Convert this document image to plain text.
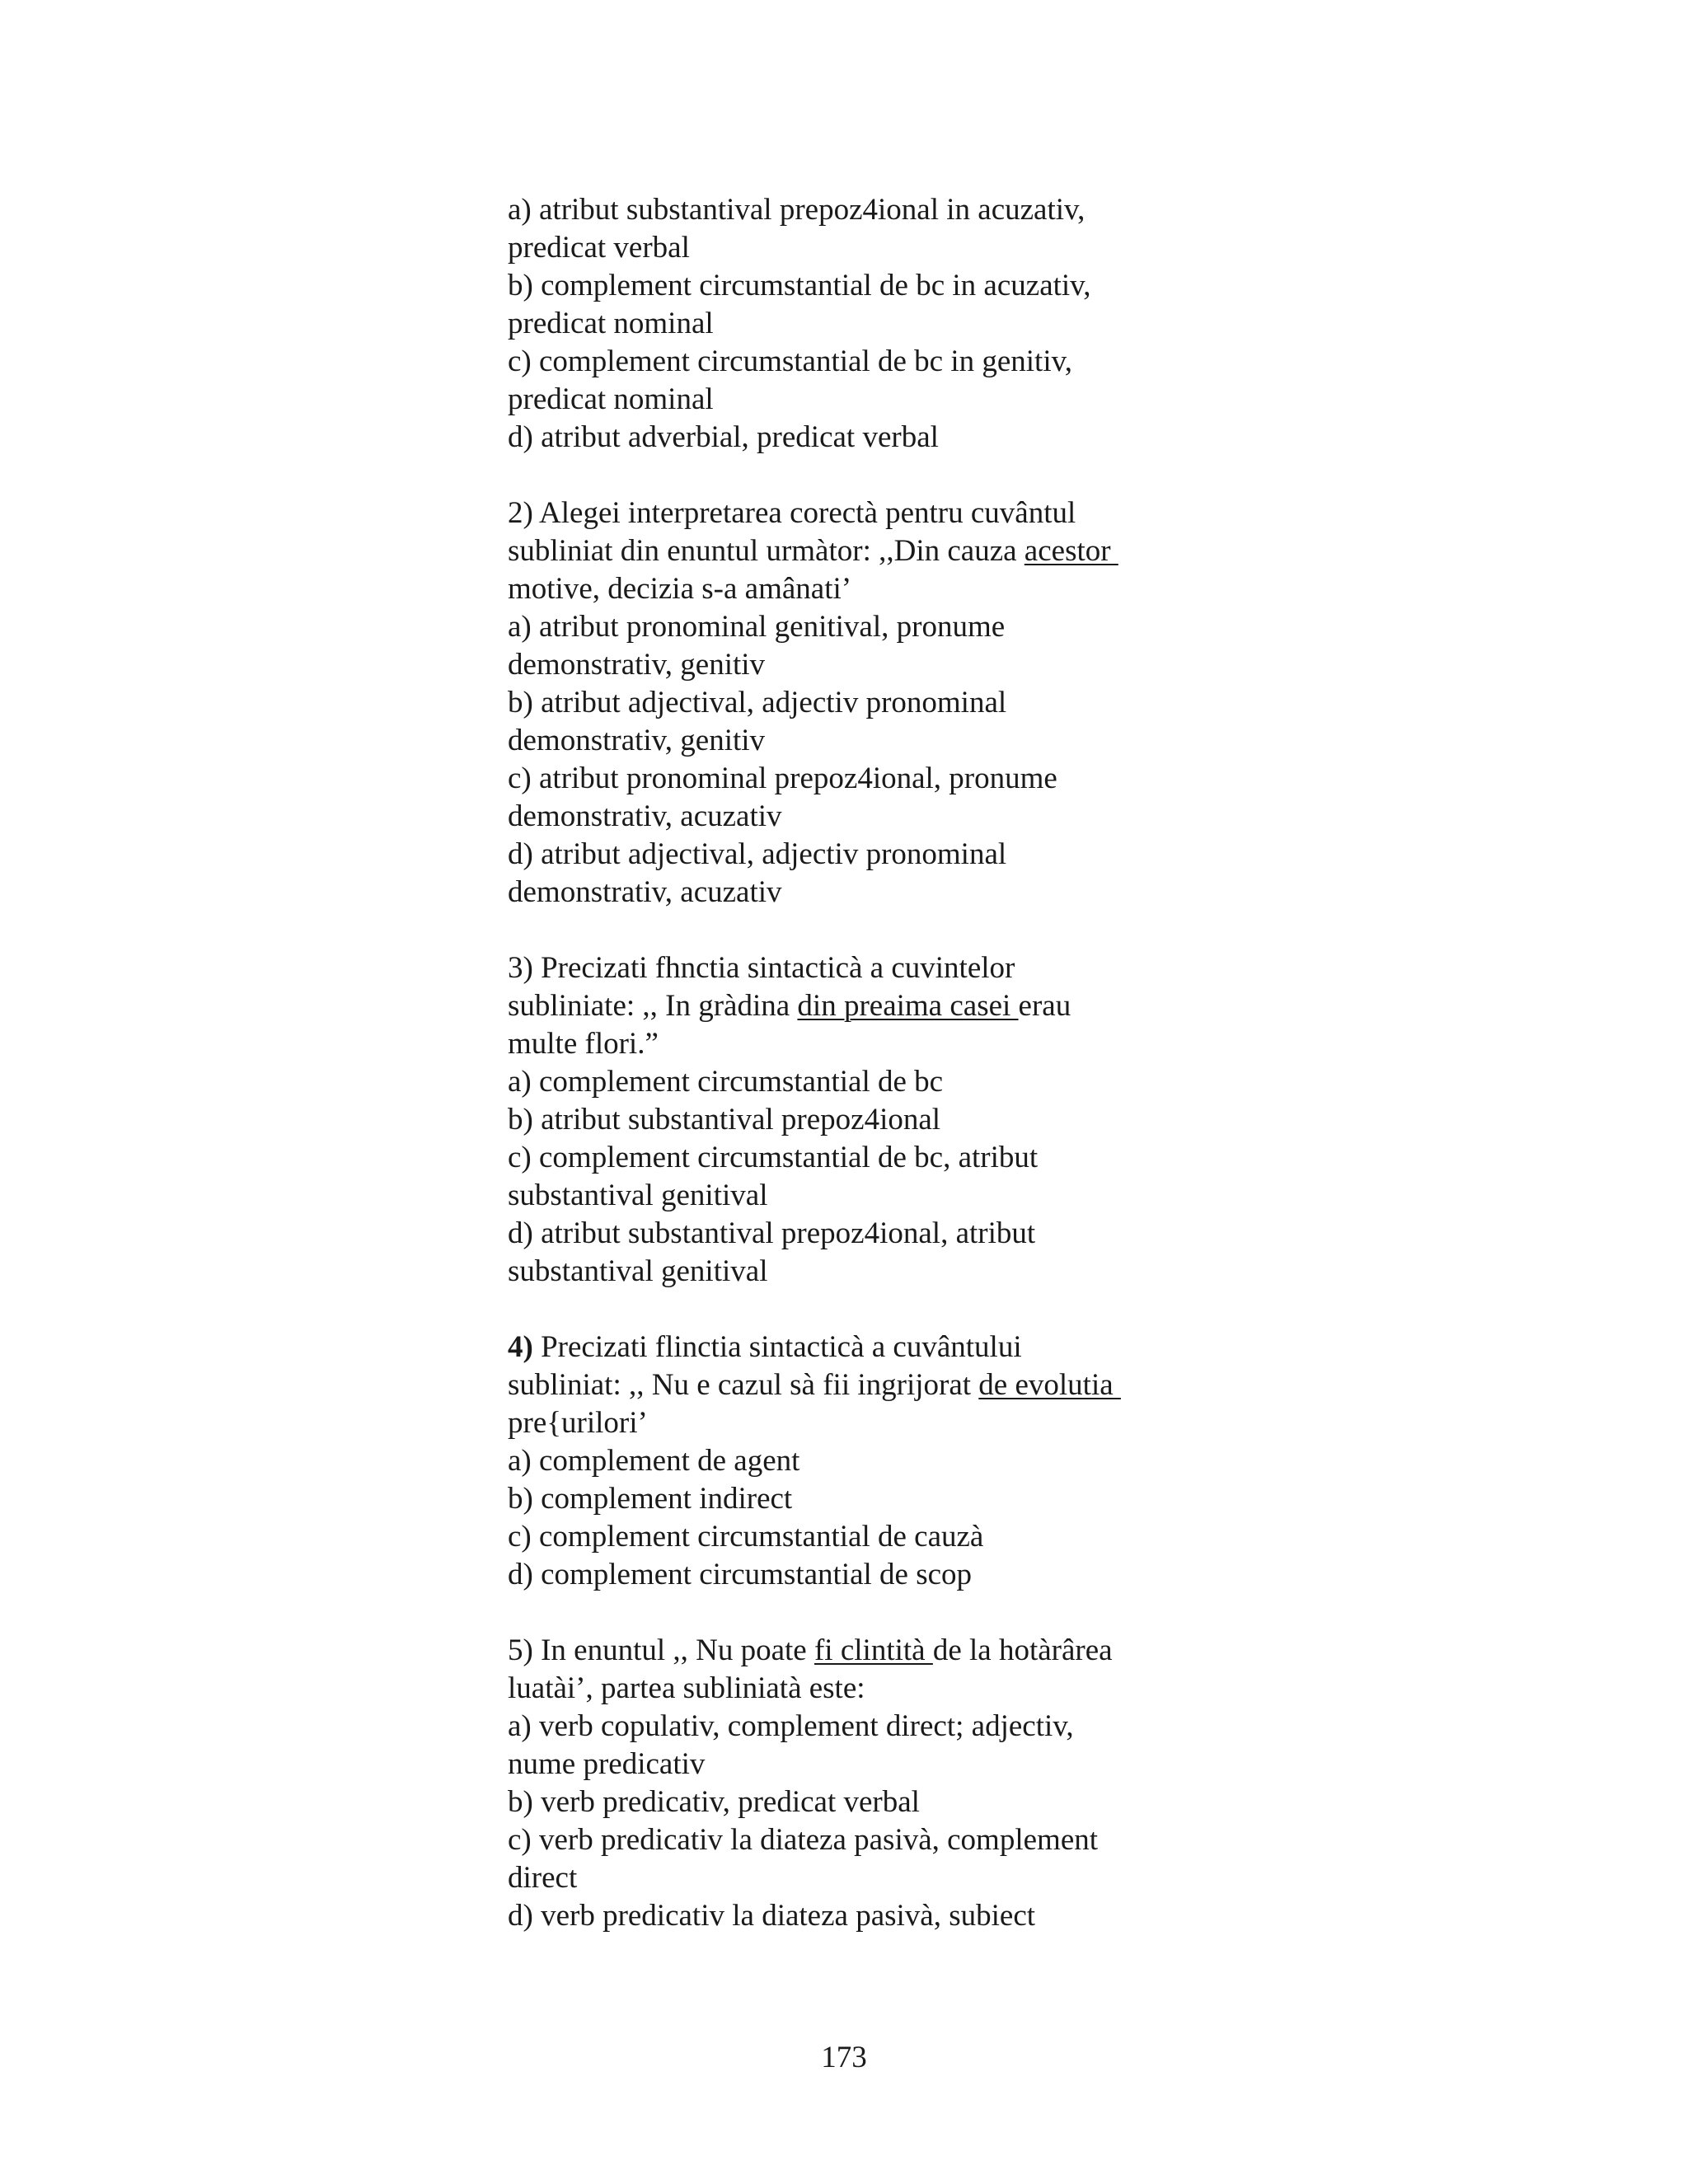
a) atribut substantival prepoz4ional in acuzativ,
predicat verbal
b) complement circumstantial de bc in acuzativ,
predicat nominal
c) complement circumstantial de bc in genitiv,
predicat nominal
d) atribut adverbial, predicat verbal
2) Alegei interpretarea corectà pentru cuvântul
subliniat din enuntul urmàtor: ,,Din cauza acestor
motive, decizia s-a amânati’
a) atribut pronominal genitival, pronume
demonstrativ, genitiv
b) atribut adjectival, adjectiv pronominal
demonstrativ, genitiv
c) atribut pronominal prepoz4ional, pronume
demonstrativ, acuzativ
d) atribut adjectival, adjectiv pronominal
demonstrativ, acuzativ
3) Precizati fhnctia sintacticà a cuvintelor
subliniate: ,, In gràdina din preaima casei erau
multe flori.”
a) complement circumstantial de bc
b) atribut substantival prepoz4ional
c) complement circumstantial de bc, atribut
substantival genitival
d) atribut substantival prepoz4ional, atribut
substantival genitival
4) Precizati flinctia sintacticà a cuvântului
subliniat: ,, Nu e cazul sà fii ingrijorat de evolutia
pre{urilori’
a) complement de agent
b) complement indirect
c) complement circumstantial de cauzà
d) complement circumstantial de scop
5) In enuntul ,, Nu poate fi clintità de la hotàrârea
luatài’, partea subliniatà este:
a) verb copulativ, complement direct; adjectiv,
nume predicativ
b) verb predicativ, predicat verbal
c) verb predicativ la diateza pasivà, complement
direct
d) verb predicativ la diateza pasivà, subiect
173
